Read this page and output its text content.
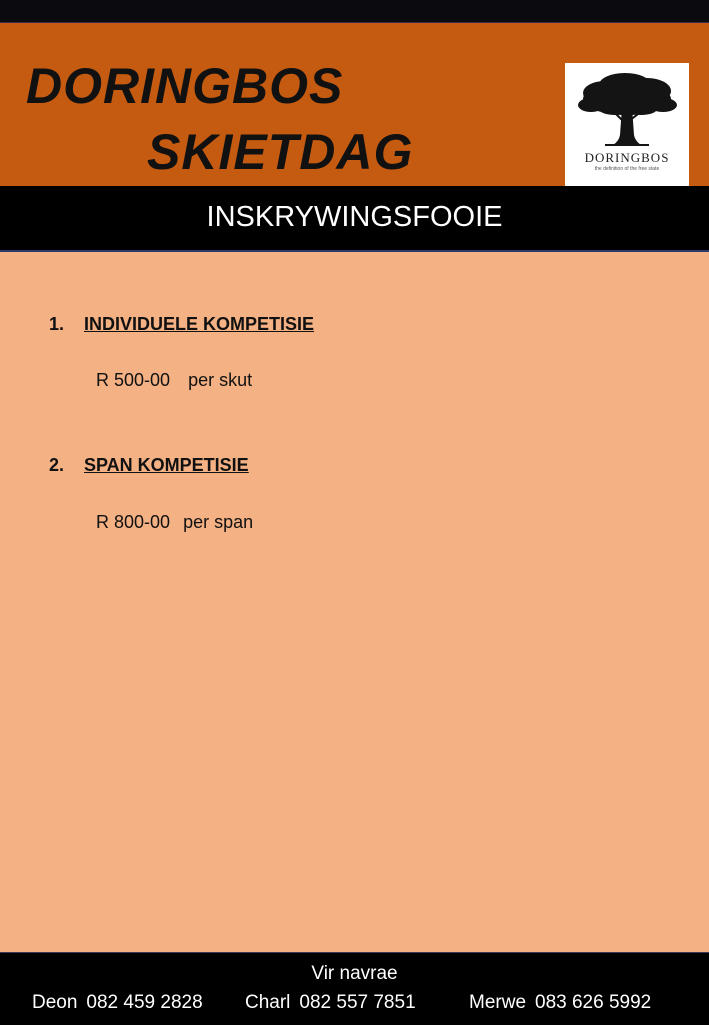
DORINGBOS
SKIETDAG	DORINGBOS
the definition of the free state
INSKRYWINGSFOOIE
1. INDIVIDUELE KOMPETISIE
R 500-00 per skut
2. SPAN KOMPETISIE
R 800-00 per span
Vir navrae
Deon 082 459 2828 Charl 082 557 7851	Merwe 083 626 5992
